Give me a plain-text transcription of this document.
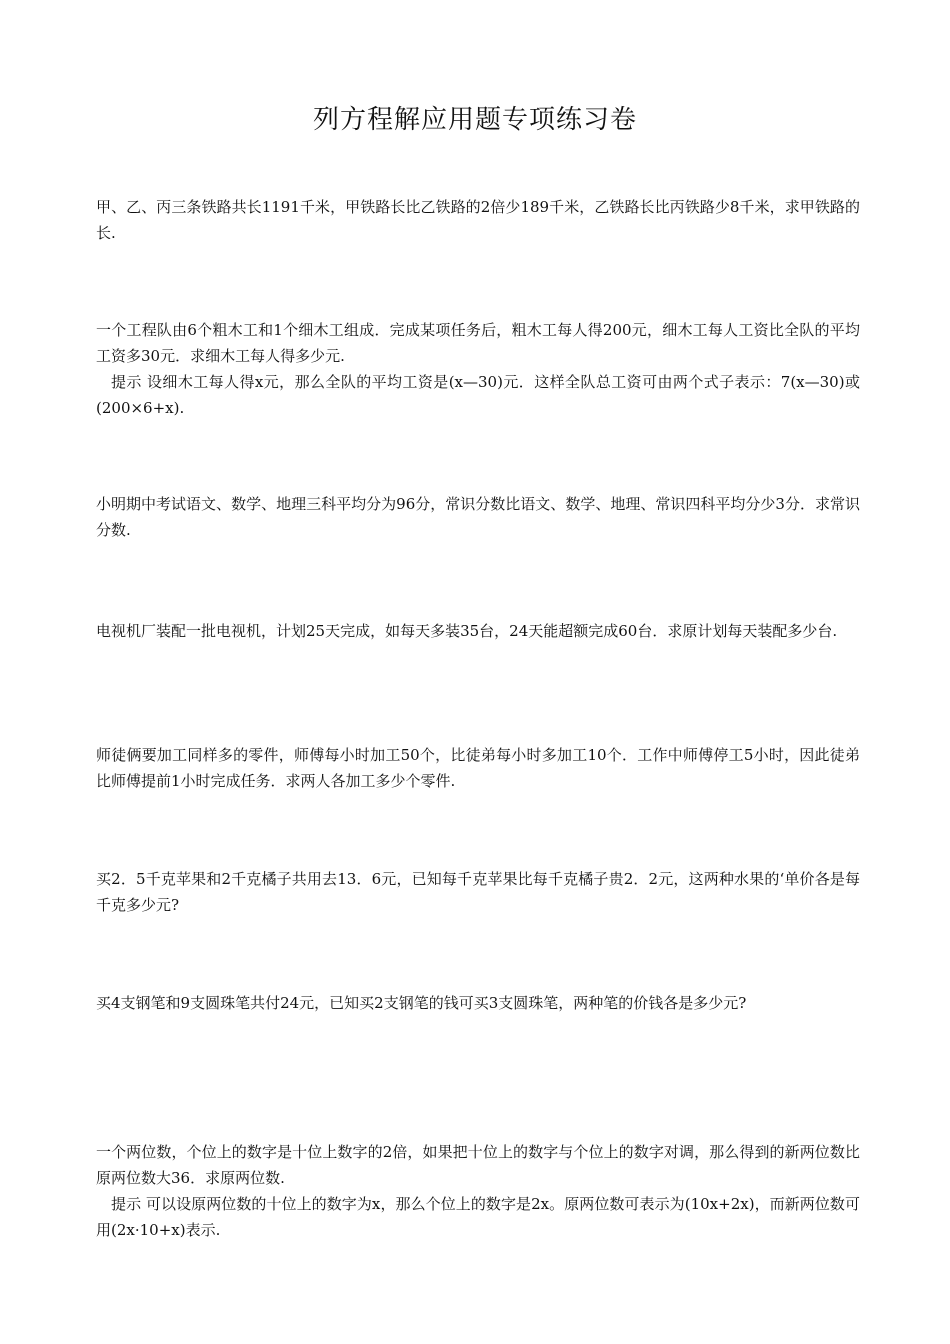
列方程解应用题专项练习卷

甲、乙、丙三条铁路共长1191千米，甲铁路长比乙铁路的2倍少189千米，乙铁路长比丙铁路少8千米，求甲铁路的长.

一个工程队由6个粗木工和1个细木工组成．完成某项任务后，粗木工每人得200元，细木工每人工资比全队的平均工资多30元．求细木工每人得多少元.

提示 设细木工每人得x元，那么全队的平均工资是(x—30)元．这样全队总工资可由两个式子表示：7(x—30)或(200×6+x).

小明期中考试语文、数学、地理三科平均分为96分，常识分数比语文、数学、地理、常识四科平均分少3分．求常识分数.

电视机厂装配一批电视机，计划25天完成，如每天多装35台，24天能超额完成60台．求原计划每天装配多少台.

师徒俩要加工同样多的零件，师傅每小时加工50个，比徒弟每小时多加工10个．工作中师傅停工5小时，因此徒弟比师傅提前1小时完成任务．求两人各加工多少个零件.

买2．5千克苹果和2千克橘子共用去13．6元，已知每千克苹果比每千克橘子贵2．2元，这两种水果的‘单价各是每千克多少元?

买4支钢笔和9支圆珠笔共付24元，已知买2支钢笔的钱可买3支圆珠笔，两种笔的价钱各是多少元?

一个两位数，个位上的数字是十位上数字的2倍，如果把十位上的数字与个位上的数字对调，那么得到的新两位数比原两位数大36．求原两位数.

提示 可以设原两位数的十位上的数字为x，那么个位上的数字是2x。原两位数可表示为(10x+2x)，而新两位数可用(2x·10+x)表示.
